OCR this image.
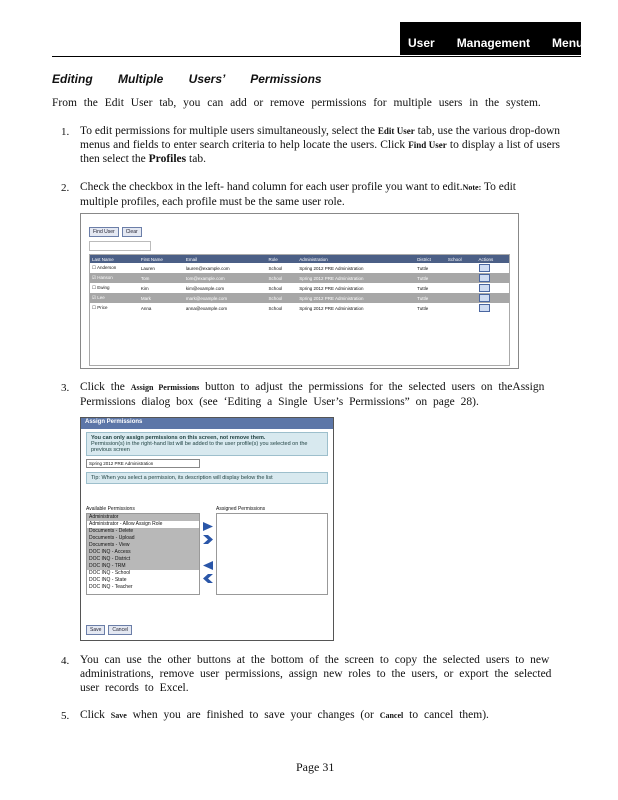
User Management Menu
Editing Multiple Users’ Permissions
From the Edit User tab, you can add or remove permissions for multiple users in the system.
1. To edit permissions for multiple users simultaneously, select the Edit User tab, use the various drop-down menus and fields to enter search criteria to help locate the users. Click Find User to display a list of users then select the Profiles tab.
2. Check the checkbox in the left- hand column for each user profile you want to edit.Note: To edit multiple profiles, each profile must be the same user role.
Find User Clear
Last Name	First Name	Email	Role	Administration	District	School	Actions
☐ Anderson	Lauren	lauren@example.com	School	Spring 2012 PRE Administration	Tuttle		
☑ Hanson	Tom	tom@example.com	School	Spring 2012 PRE Administration	Tuttle		
☐ Ewing	Kim	kim@example.com	School	Spring 2012 PRE Administration	Tuttle		
☑ Lee	Mark	mark@example.com	School	Spring 2012 PRE Administration	Tuttle		
☐ Price	Anna	anna@example.com	School	Spring 2012 PRE Administration	Tuttle		
3. Click the Assign Permissions button to adjust the permissions for the selected users on theAssign Permissions dialog box (see ‘Editing a Single User’s Permissions” on page 28).
Assign Permissions
You can only assign permissions on this screen, not remove them.
Permission(s) in the right-hand list will be added to the user profile(s) you selected on the previous screen
Spring 2012 PRE Administration
Tip: When you select a permission, its description will display below the list
Available Permissions	Assigned Permissions
Administrator
Administrator - Allow Assign Role
Documents - Delete
Documents - Upload
Documents - View
DOC INQ - Access
DOC INQ - District
DOC INQ - TRM
DOC INQ - School
DOC INQ - State
DOC INQ - Teacher
Save Cancel
4. You can use the other buttons at the bottom of the screen to copy the selected users to new administrations, remove user permissions, assign new roles to the users, or export the selected user records to Excel.
5. Click Save when you are finished to save your changes (or Cancel to cancel them).
Page 31
